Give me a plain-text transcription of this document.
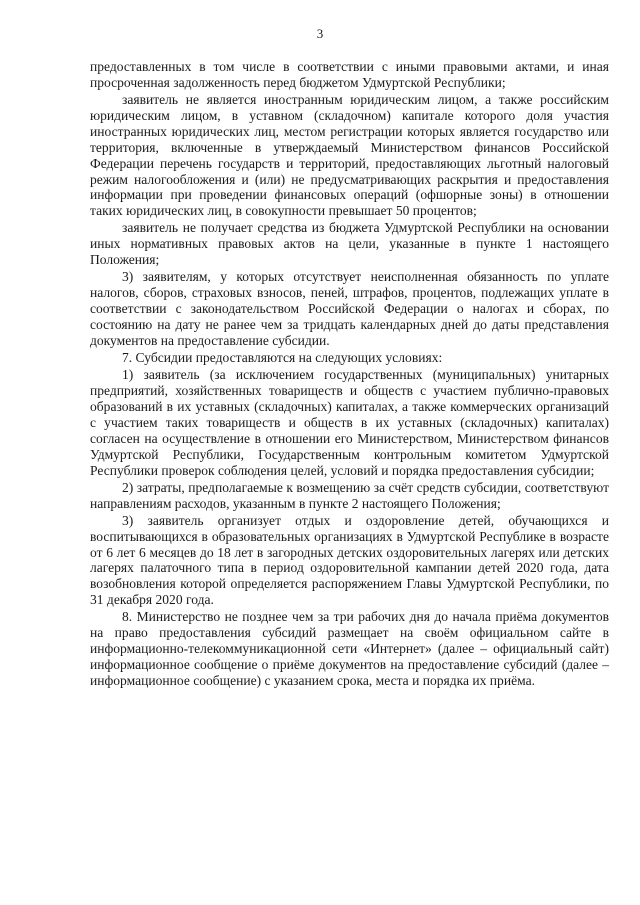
3

предоставленных в том числе в соответствии с иными правовыми актами, и иная просроченная задолженность перед бюджетом Удмуртской Республики;

заявитель не является иностранным юридическим лицом, а также российским юридическим лицом, в уставном (складочном) капитале которого доля участия иностранных юридических лиц, местом регистрации которых является государство или территория, включенные в утверждаемый Министерством финансов Российской Федерации перечень государств и территорий, предоставляющих льготный налоговый режим налогообложения и (или) не предусматривающих раскрытия и предоставления информации при проведении финансовых операций (офшорные зоны) в отношении таких юридических лиц, в совокупности превышает 50 процентов;

заявитель не получает средства из бюджета Удмуртской Республики на основании иных нормативных правовых актов на цели, указанные в пункте 1 настоящего Положения;

3) заявителям, у которых отсутствует неисполненная обязанность по уплате налогов, сборов, страховых взносов, пеней, штрафов, процентов, подлежащих уплате в соответствии с законодательством Российской Федерации о налогах и сборах, по состоянию на дату не ранее чем за тридцать календарных дней до даты представления документов на предоставление субсидии.

7. Субсидии предоставляются на следующих условиях:

1) заявитель (за исключением государственных (муниципальных) унитарных предприятий, хозяйственных товариществ и обществ с участием публично-правовых образований в их уставных (складочных) капиталах, а также коммерческих организаций с участием таких товариществ и обществ в их уставных (складочных) капиталах) согласен на осуществление в отношении его Министерством, Министерством финансов Удмуртской Республики, Государственным контрольным комитетом Удмуртской Республики проверок соблюдения целей, условий и порядка предоставления субсидии;

2) затраты, предполагаемые к возмещению за счёт средств субсидии, соответствуют направлениям расходов, указанным в пункте 2 настоящего Положения;

3) заявитель организует отдых и оздоровление детей, обучающихся и воспитывающихся в образовательных организациях в Удмуртской Республике в возрасте от 6 лет 6 месяцев до 18 лет в загородных детских оздоровительных лагерях или детских лагерях палаточного типа в период оздоровительной кампании детей 2020 года, дата возобновления которой определяется распоряжением Главы Удмуртской Республики, по 31 декабря 2020 года.

8. Министерство не позднее чем за три рабочих дня до начала приёма документов на право предоставления субсидий размещает на своём официальном сайте в информационно-телекоммуникационной сети «Интернет» (далее – официальный сайт) информационное сообщение о приёме документов на предоставление субсидий (далее – информационное сообщение) с указанием срока, места и порядка их приёма.
